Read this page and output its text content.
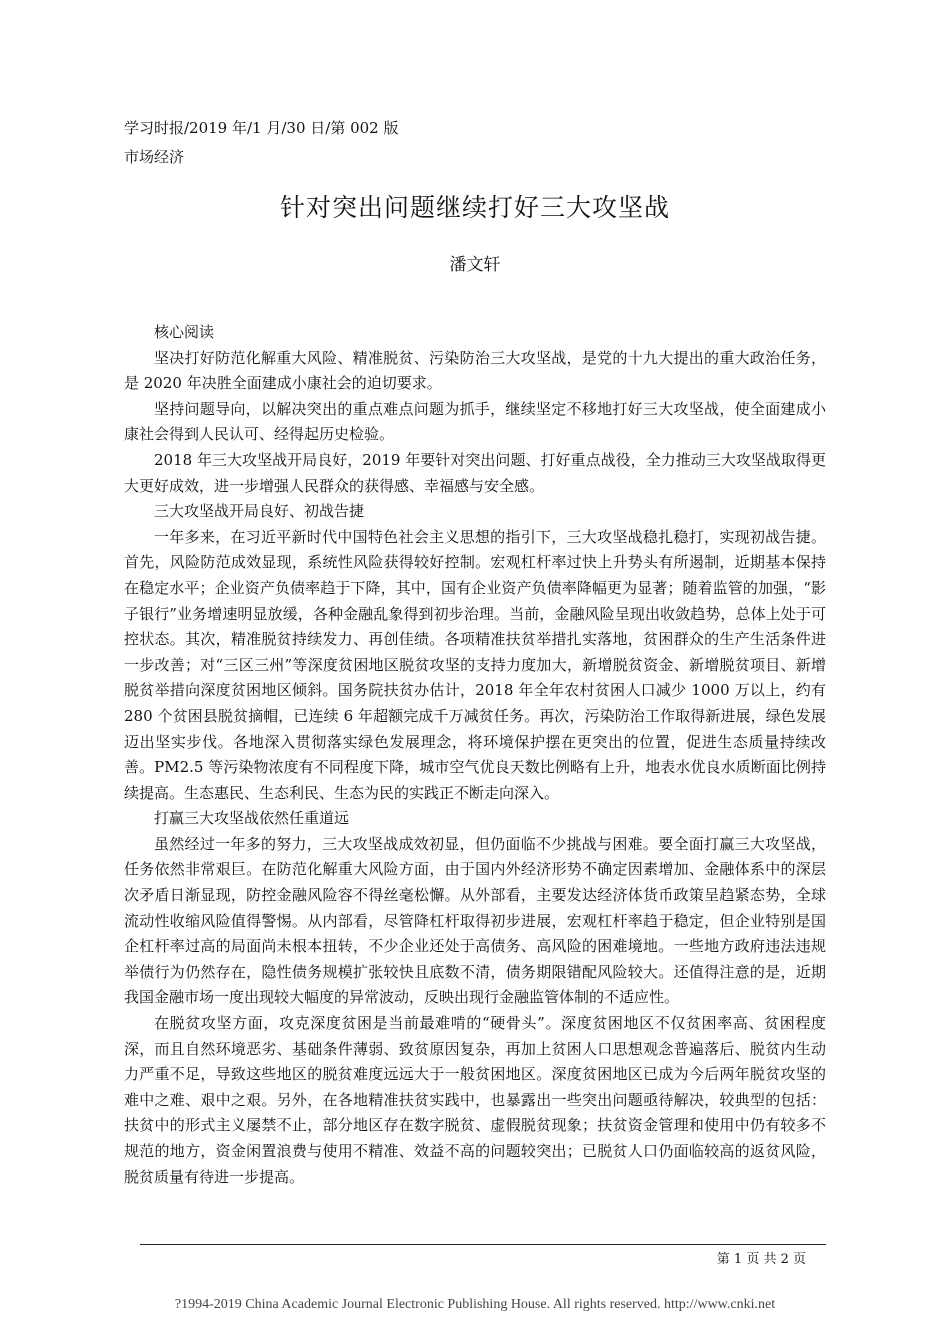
学习时报/2019 年/1 月/30 日/第 002 版
市场经济
针对突出问题继续打好三大攻坚战
潘文轩

核心阅读

坚决打好防范化解重大风险、精准脱贫、污染防治三大攻坚战，是党的十九大提出的重大政治任务，是 2020 年决胜全面建成小康社会的迫切要求。

坚持问题导向，以解决突出的重点难点问题为抓手，继续坚定不移地打好三大攻坚战，使全面建成小康社会得到人民认可、经得起历史检验。

2018 年三大攻坚战开局良好，2019 年要针对突出问题、打好重点战役，全力推动三大攻坚战取得更大更好成效，进一步增强人民群众的获得感、幸福感与安全感。

三大攻坚战开局良好、初战告捷

一年多来，在习近平新时代中国特色社会主义思想的指引下，三大攻坚战稳扎稳打，实现初战告捷。首先，风险防范成效显现，系统性风险获得较好控制。宏观杠杆率过快上升势头有所遏制，近期基本保持在稳定水平；企业资产负债率趋于下降，其中，国有企业资产负债率降幅更为显著；随着监管的加强，“影子银行”业务增速明显放缓，各种金融乱象得到初步治理。当前，金融风险呈现出收敛趋势，总体上处于可控状态。其次，精准脱贫持续发力、再创佳绩。各项精准扶贫举措扎实落地，贫困群众的生产生活条件进一步改善；对“三区三州”等深度贫困地区脱贫攻坚的支持力度加大，新增脱贫资金、新增脱贫项目、新增脱贫举措向深度贫困地区倾斜。国务院扶贫办估计，2018 年全年农村贫困人口减少 1000 万以上，约有 280 个贫困县脱贫摘帽，已连续 6 年超额完成千万减贫任务。再次，污染防治工作取得新进展，绿色发展迈出坚实步伐。各地深入贯彻落实绿色发展理念，将环境保护摆在更突出的位置，促进生态质量持续改善。PM2.5 等污染物浓度有不同程度下降，城市空气优良天数比例略有上升，地表水优良水质断面比例持续提高。生态惠民、生态利民、生态为民的实践正不断走向深入。

打赢三大攻坚战依然任重道远

虽然经过一年多的努力，三大攻坚战成效初显，但仍面临不少挑战与困难。要全面打赢三大攻坚战，任务依然非常艰巨。在防范化解重大风险方面，由于国内外经济形势不确定因素增加、金融体系中的深层次矛盾日渐显现，防控金融风险容不得丝毫松懈。从外部看，主要发达经济体货币政策呈趋紧态势，全球流动性收缩风险值得警惕。从内部看，尽管降杠杆取得初步进展，宏观杠杆率趋于稳定，但企业特别是国企杠杆率过高的局面尚未根本扭转，不少企业还处于高债务、高风险的困难境地。一些地方政府违法违规举债行为仍然存在，隐性债务规模扩张较快且底数不清，债务期限错配风险较大。还值得注意的是，近期我国金融市场一度出现较大幅度的异常波动，反映出现行金融监管体制的不适应性。

在脱贫攻坚方面，攻克深度贫困是当前最难啃的“硬骨头”。深度贫困地区不仅贫困率高、贫困程度深，而且自然环境恶劣、基础条件薄弱、致贫原因复杂，再加上贫困人口思想观念普遍落后、脱贫内生动力严重不足，导致这些地区的脱贫难度远远大于一般贫困地区。深度贫困地区已成为今后两年脱贫攻坚的难中之难、艰中之艰。另外，在各地精准扶贫实践中，也暴露出一些突出问题亟待解决，较典型的包括：扶贫中的形式主义屡禁不止，部分地区存在数字脱贫、虚假脱贫现象；扶贫资金管理和使用中仍有较多不规范的地方，资金闲置浪费与使用不精准、效益不高的问题较突出；已脱贫人口仍面临较高的返贫风险，脱贫质量有待进一步提高。

第 1 页 共 2 页
?1994-2019 China Academic Journal Electronic Publishing House. All rights reserved. http://www.cnki.net
